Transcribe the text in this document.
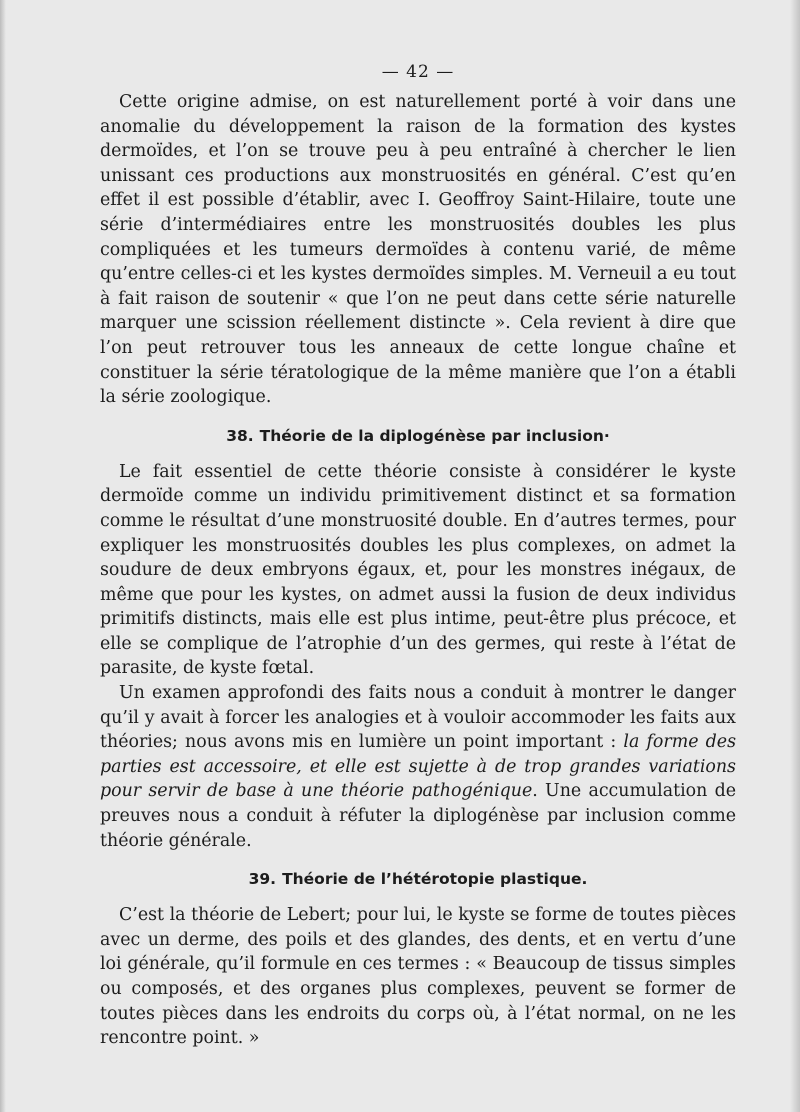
— 42 —

Cette origine admise, on est naturellement porté à voir dans une anomalie du développement la raison de la formation des kystes dermoïdes, et l’on se trouve peu à peu entraîné à chercher le lien unissant ces productions aux monstruosités en général. C’est qu’en effet il est possible d’établir, avec I. Geoffroy Saint-Hilaire, toute une série d’intermédiaires entre les monstruosités doubles les plus compliquées et les tumeurs dermoïdes à contenu varié, de même qu’entre celles-ci et les kystes dermoïdes simples. M. Verneuil a eu tout à fait raison de soutenir « que l’on ne peut dans cette série naturelle marquer une scission réellement distincte ». Cela revient à dire que l’on peut retrouver tous les anneaux de cette longue chaîne et constituer la série tératologique de la même manière que l’on a établi la série zoologique.

38. Théorie de la diplogénèse par inclusion·

Le fait essentiel de cette théorie consiste à considérer le kyste dermoïde comme un individu primitivement distinct et sa formation comme le résultat d’une monstruosité double. En d’autres termes, pour expliquer les monstruosités doubles les plus complexes, on admet la soudure de deux embryons égaux, et, pour les monstres inégaux, de même que pour les kystes, on admet aussi la fusion de deux individus primitifs distincts, mais elle est plus intime, peut-être plus précoce, et elle se complique de l’atrophie d’un des germes, qui reste à l’état de parasite, de kyste fœtal.

Un examen approfondi des faits nous a conduit à montrer le danger qu’il y avait à forcer les analogies et à vouloir accommoder les faits aux théories; nous avons mis en lumière un point important : la forme des parties est accessoire, et elle est sujette à de trop grandes variations pour servir de base à une théorie pathogénique. Une accumulation de preuves nous a conduit à réfuter la diplogénèse par inclusion comme théorie générale.

39. Théorie de l’hétérotopie plastique.

C’est la théorie de Lebert; pour lui, le kyste se forme de toutes pièces avec un derme, des poils et des glandes, des dents, et en vertu d’une loi générale, qu’il formule en ces termes : « Beaucoup de tissus simples ou composés, et des organes plus complexes, peuvent se former de toutes pièces dans les endroits du corps où, à l’état normal, on ne les rencontre point. »
